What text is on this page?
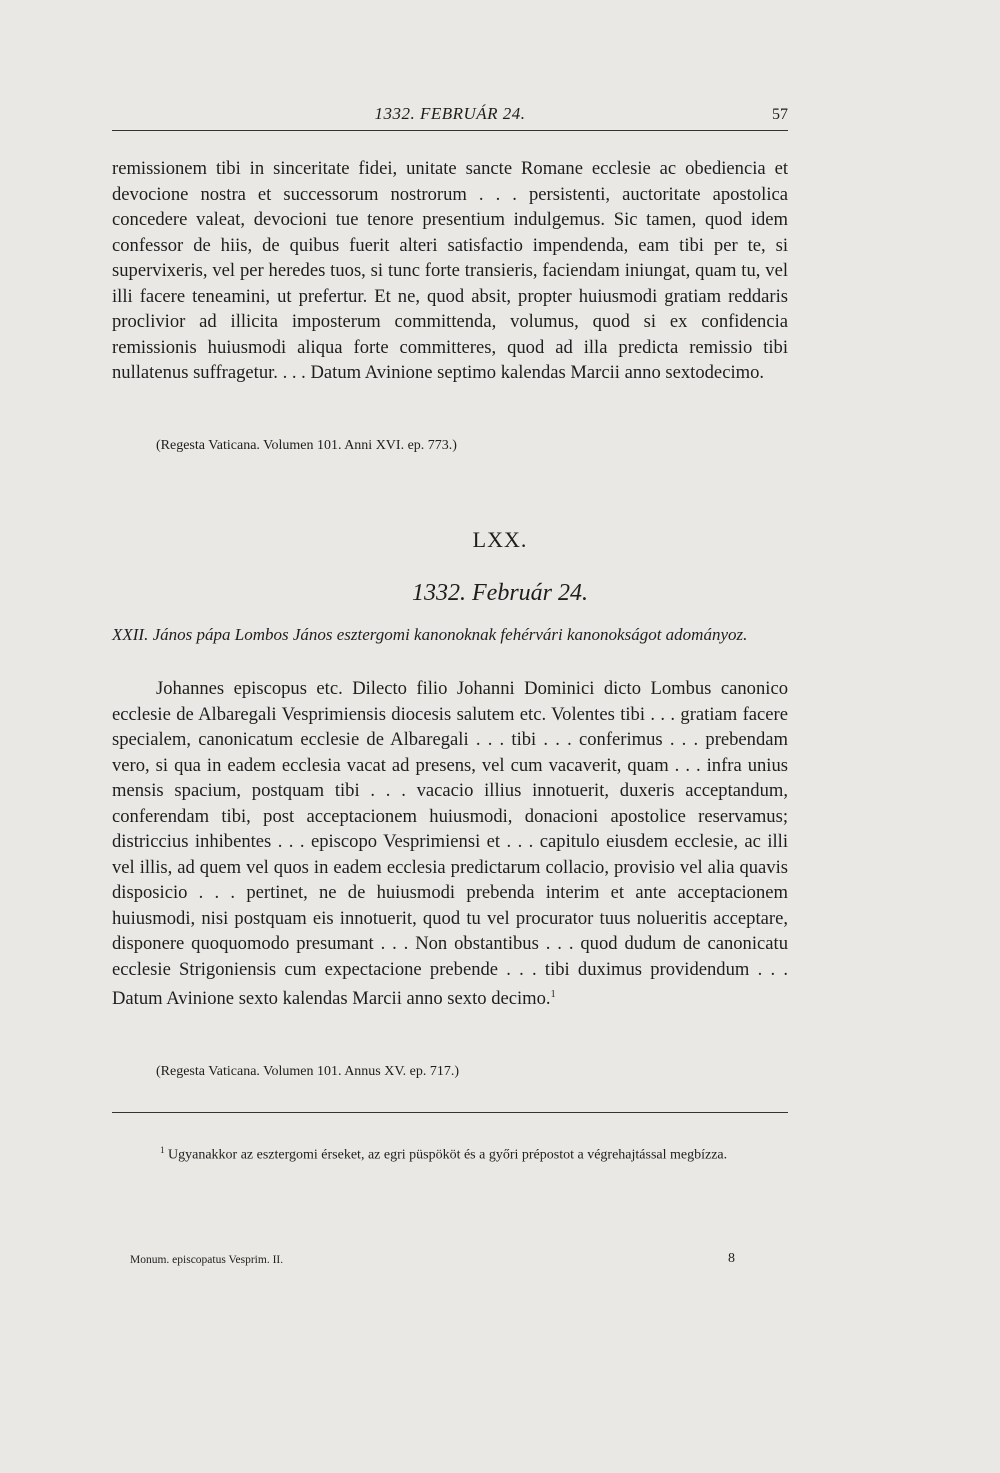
1332. FEBRUÁR 24.	57
remissionem tibi in sinceritate fidei, unitate sancte Romane ecclesie ac obediencia et devocione nostra et successorum nostrorum . . . persistenti, auctoritate apostolica concedere valeat, devocioni tue tenore presentium indulgemus. Sic tamen, quod idem confessor de hiis, de quibus fuerit alteri satisfactio impendenda, eam tibi per te, si supervixeris, vel per heredes tuos, si tunc forte transieris, faciendam iniungat, quam tu, vel illi facere teneamini, ut prefertur. Et ne, quod absit, propter huiusmodi gratiam reddaris proclivior ad illicita imposterum committenda, volumus, quod si ex confidencia remissionis huiusmodi aliqua forte committeres, quod ad illa predicta remissio tibi nullatenus suffragetur. . . . Datum Avinione septimo kalendas Marcii anno sextodecimo.
(Regesta Vaticana. Volumen 101. Anni XVI. ep. 773.)
LXX.
1332. Február 24.
XXII. János pápa Lombos János esztergomi kanonoknak fehérvári kanonokságot adományoz.
Johannes episcopus etc. Dilecto filio Johanni Dominici dicto Lombus canonico ecclesie de Albaregali Vesprimiensis diocesis salutem etc. Volentes tibi . . . gratiam facere specialem, canonicatum ecclesie de Albaregali . . . tibi . . . conferimus . . . prebendam vero, si qua in eadem ecclesia vacat ad presens, vel cum vacaverit, quam . . . infra unius mensis spacium, postquam tibi . . . vacacio illius innotuerit, duxeris acceptandum, conferendam tibi, post acceptacionem huiusmodi, donacioni apostolice reservamus; districcius inhibentes . . . episcopo Vesprimiensi et . . . capitulo eiusdem ecclesie, ac illi vel illis, ad quem vel quos in eadem ecclesia predictarum collacio, provisio vel alia quavis disposicio . . . pertinet, ne de huiusmodi prebenda interim et ante acceptacionem huiusmodi, nisi postquam eis innotuerit, quod tu vel procurator tuus nolueritis acceptare, disponere quoquomodo presumant . . . Non obstantibus . . . quod dudum de canonicatu ecclesie Strigoniensis cum expectacione prebende . . . tibi duximus providendum . . . Datum Avinione sexto kalendas Marcii anno sexto decimo.$^1$
(Regesta Vaticana. Volumen 101. Annus XV. ep. 717.)
$^1$ Ugyanakkor az esztergomi érseket, az egri püspököt és a győri prépostot a végrehajtással megbízza.
Monum. episcopatus Vesprim. II.	8
